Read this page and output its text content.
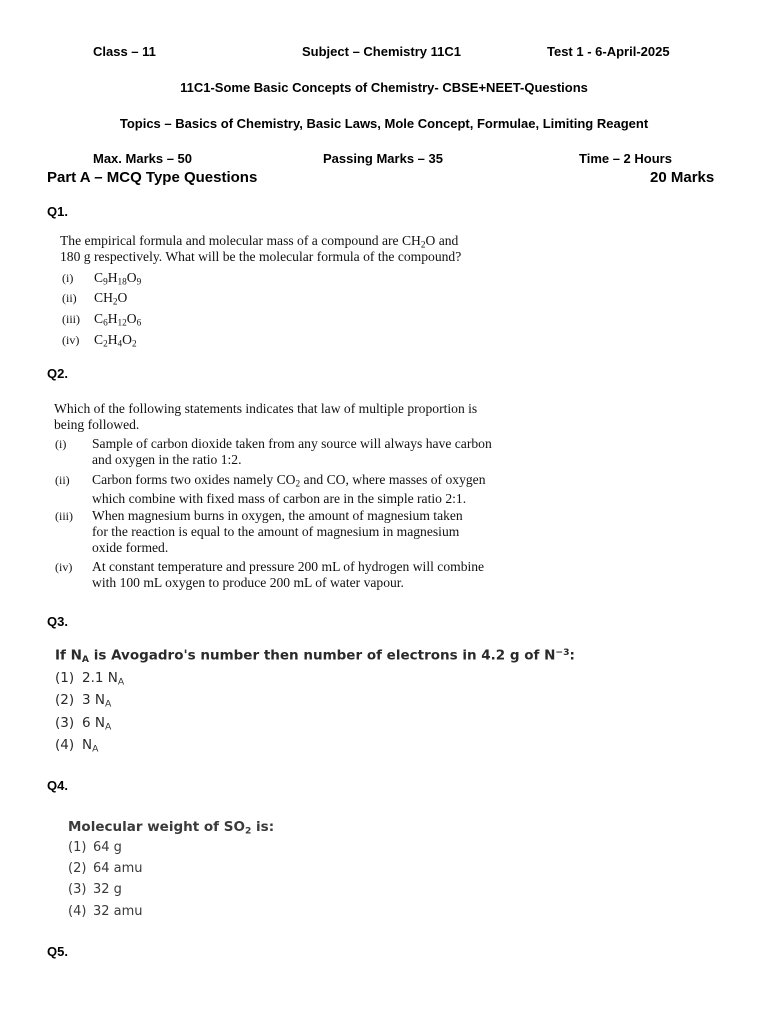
Class – 11	Subject – Chemistry 11C1	Test 1 - 6-April-2025
11C1-Some Basic Concepts of Chemistry- CBSE+NEET-Questions
Topics – Basics of Chemistry, Basic Laws, Mole Concept, Formulae, Limiting Reagent
Max. Marks – 50	Passing Marks – 35	Time – 2 Hours
Part A – MCQ Type Questions	20 Marks
Q1.
The empirical formula and molecular mass of a compound are $CH_2O$ and
180 g respectively. What will be the molecular formula of the compound?
(i) $C_9H_{18}O_9$
(ii) $CH_2O$
(iii) $C_6H_{12}O_6$
(iv) $C_2H_4O_2$
Q2.
Which of the following statements indicates that law of multiple proportion is
being followed.
(i) Sample of carbon dioxide taken from any source will always have carbon
and oxygen in the ratio 1:2.
(ii) Carbon forms two oxides namely $CO_2$ and CO, where masses of oxygen
which combine with fixed mass of carbon are in the simple ratio 2:1.
(iii) When magnesium burns in oxygen, the amount of magnesium taken
for the reaction is equal to the amount of magnesium in magnesium
oxide formed.
(iv) At constant temperature and pressure 200 mL of hydrogen will combine
with 100 mL oxygen to produce 200 mL of water vapour.
Q3.
If $N_A$ is Avogadro's number then number of electrons in 4.2 g of $N^{-3}$:
(1) 2.1 $N_A$
(2) 3 $N_A$
(3) 6 $N_A$
(4) $N_A$
Q4.
Molecular weight of $SO_2$ is:
(1) 64 g
(2) 64 amu
(3) 32 g
(4) 32 amu
Q5.
